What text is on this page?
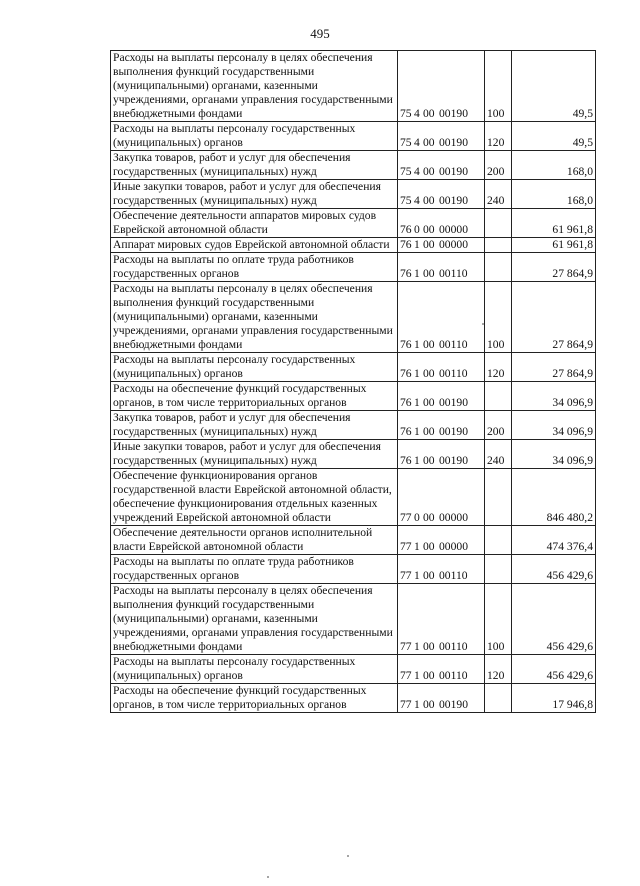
495
Расходы на выплаты персоналу в целях обеспечения выполнения функций государственными (муниципальными) органами, казенными учреждениями, органами управления государственными внебюджетными фондами	75 4 00 00190	100	49,5
Расходы на выплаты персоналу государственных (муниципальных) органов	75 4 00 00190	120	49,5
Закупка товаров, работ и услуг для обеспечения государственных (муниципальных) нужд	75 4 00 00190	200	168,0
Иные закупки товаров, работ и услуг для обеспечения государственных (муниципальных) нужд	75 4 00 00190	240	168,0
Обеспечение деятельности аппаратов мировых судов Еврейской автономной области	76 0 00 00000		61 961,8
Аппарат мировых судов Еврейской автономной области	76 1 00 00000		61 961,8
Расходы на выплаты по оплате труда работников государственных органов	76 1 00 00110		27 864,9
Расходы на выплаты персоналу в целях обеспечения выполнения функций государственными (муниципальными) органами, казенными учреждениями, органами управления государственными внебюджетными фондами	76 1 00 00110	100	27 864,9
Расходы на выплаты персоналу государственных (муниципальных) органов	76 1 00 00110	120	27 864,9
Расходы на обеспечение функций государственных органов, в том числе территориальных органов	76 1 00 00190		34 096,9
Закупка товаров, работ и услуг для обеспечения государственных (муниципальных) нужд	76 1 00 00190	200	34 096,9
Иные закупки товаров, работ и услуг для обеспечения государственных (муниципальных) нужд	76 1 00 00190	240	34 096,9
Обеспечение функционирования органов государственной власти Еврейской автономной области, обеспечение функционирования отдельных казенных учреждений Еврейской автономной области	77 0 00 00000		846 480,2
Обеспечение деятельности органов исполнительной власти Еврейской автономной области	77 1 00 00000		474 376,4
Расходы на выплаты по оплате труда работников государственных органов	77 1 00 00110		456 429,6
Расходы на выплаты персоналу в целях обеспечения выполнения функций государственными (муниципальными) органами, казенными учреждениями, органами управления государственными внебюджетными фондами	77 1 00 00110	100	456 429,6
Расходы на выплаты персоналу государственных (муниципальных) органов	77 1 00 00110	120	456 429,6
Расходы на обеспечение функций государственных органов, в том числе территориальных органов	77 1 00 00190		17 946,8
